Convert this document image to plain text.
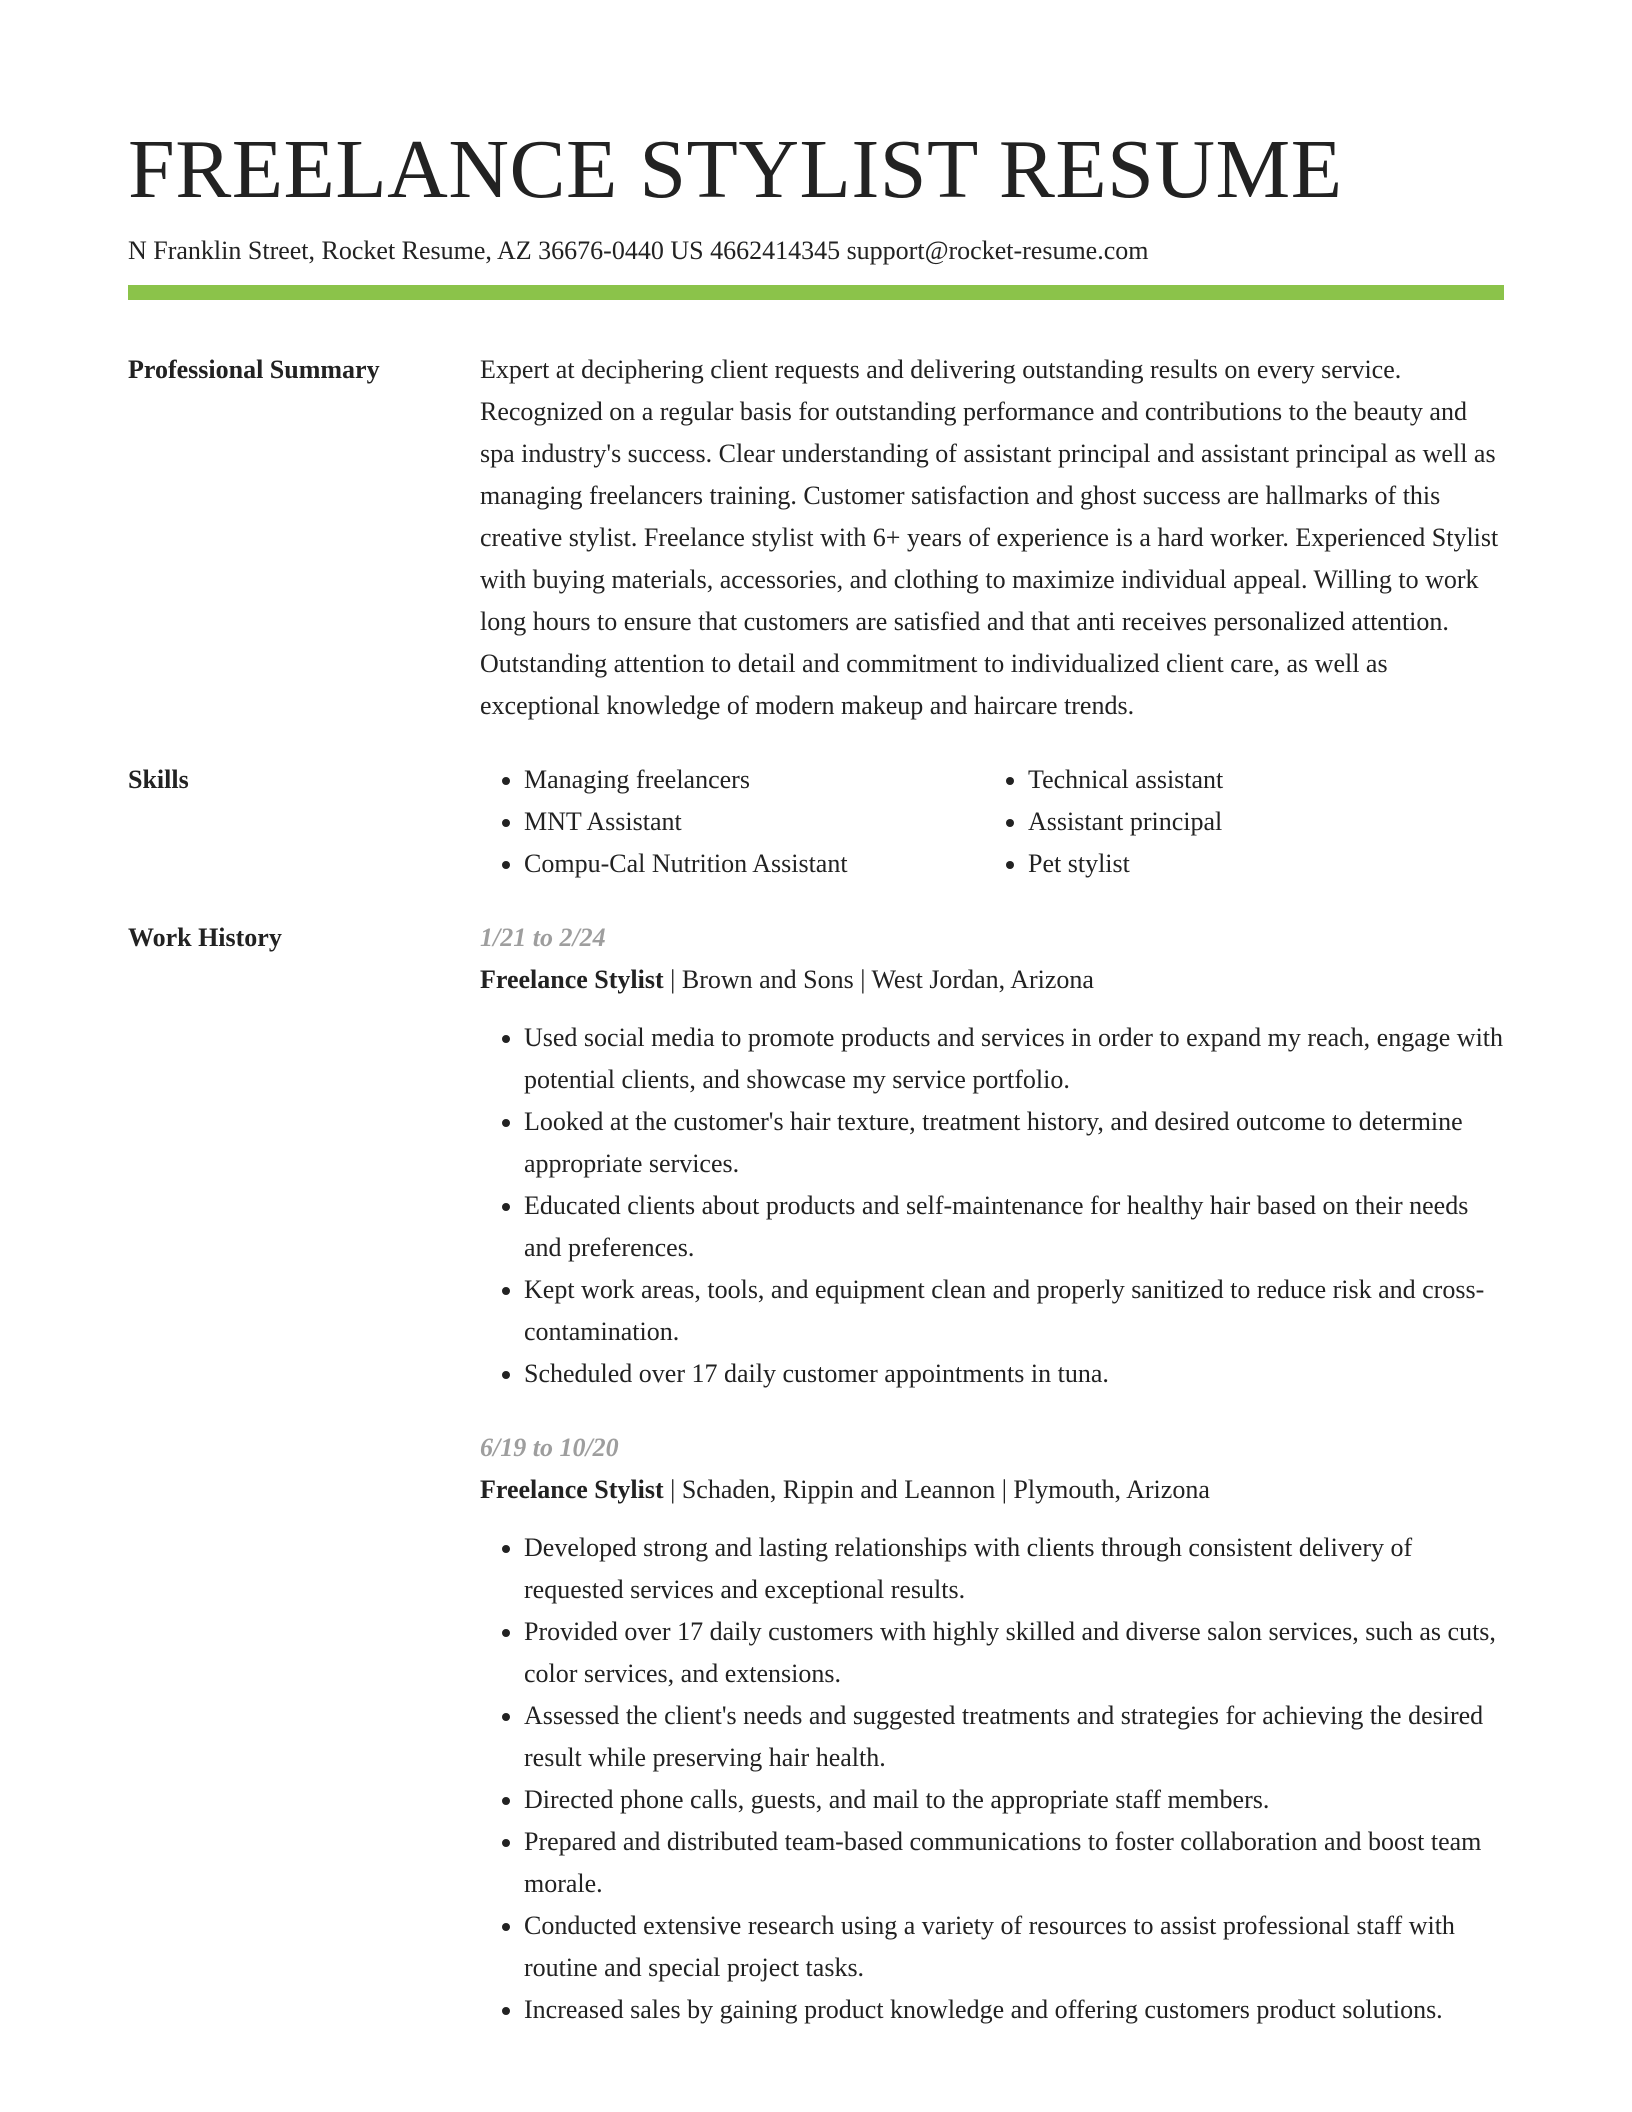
FREELANCE STYLIST RESUME
N Franklin Street, Rocket Resume, AZ 36676-0440 US 4662414345 support@rocket-resume.com
Professional Summary	Expert at deciphering client requests and delivering outstanding results on every service. Recognized on a regular basis for outstanding performance and contributions to the beauty and spa industry's success. Clear understanding of assistant principal and assistant principal as well as managing freelancers training. Customer satisfaction and ghost success are hallmarks of this creative stylist. Freelance stylist with 6+ years of experience is a hard worker. Experienced Stylist with buying materials, accessories, and clothing to maximize individual appeal. Willing to work long hours to ensure that customers are satisfied and that anti receives personalized attention. Outstanding attention to detail and commitment to individualized client care, as well as exceptional knowledge of modern makeup and haircare trends.
Skills
•	Managing freelancers
• MNT Assistant
• Compu-Cal Nutrition Assistant
• Technical assistant
• Assistant principal
• Pet stylist
Work History	1/21 to 2/24
Freelance Stylist | Brown and Sons | West Jordan, Arizona
• Used social media to promote products and services in order to expand my reach, engage with potential clients, and showcase my service portfolio.
• Looked at the customer's hair texture, treatment history, and desired outcome to determine appropriate services.
• Educated clients about products and self-maintenance for healthy hair based on their needs and preferences.
• Kept work areas, tools, and equipment clean and properly sanitized to reduce risk and cross-contamination.
• Scheduled over 17 daily customer appointments in tuna.
6/19 to 10/20
Freelance Stylist | Schaden, Rippin and Leannon | Plymouth, Arizona
• Developed strong and lasting relationships with clients through consistent delivery of requested services and exceptional results.
• Provided over 17 daily customers with highly skilled and diverse salon services, such as cuts, color services, and extensions.
• Assessed the client's needs and suggested treatments and strategies for achieving the desired result while preserving hair health.
• Directed phone calls, guests, and mail to the appropriate staff members.
• Prepared and distributed team-based communications to foster collaboration and boost team morale.
• Conducted extensive research using a variety of resources to assist professional staff with routine and special project tasks.
• Increased sales by gaining product knowledge and offering customers product solutions.
